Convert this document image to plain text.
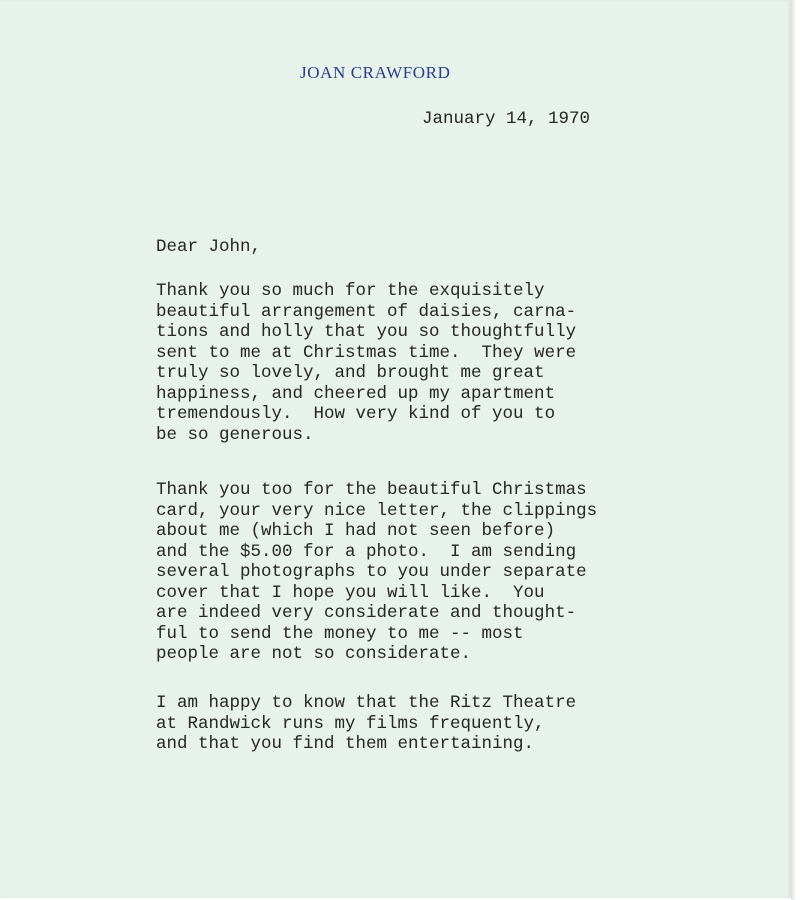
JOAN CRAWFORD
January 14, 1970
Dear John,
Thank you so much for the exquisitely
beautiful arrangement of daisies, carna-
tions and holly that you so thoughtfully
sent to me at Christmas time.  They were
truly so lovely, and brought me great
happiness, and cheered up my apartment
tremendously.  How very kind of you to
be so generous.
Thank you too for the beautiful Christmas
card, your very nice letter, the clippings
about me (which I had not seen before)
and the $5.00 for a photo.  I am sending
several photographs to you under separate
cover that I hope you will like.  You
are indeed very considerate and thought-
ful to send the money to me -- most
people are not so considerate.
I am happy to know that the Ritz Theatre
at Randwick runs my films frequently,
and that you find them entertaining.
